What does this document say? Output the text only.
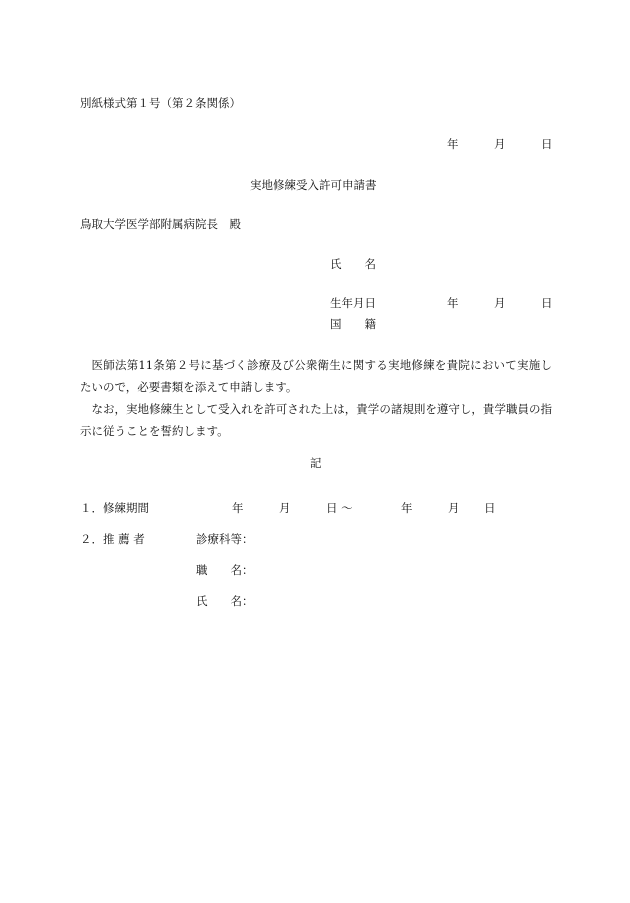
別紙様式第１号（第２条関係）
年	月	日
実地修練受入許可申請書
鳥取大学医学部附属病院長　殿
氏　　名
生年月日	年	月	日
国　　籍
医師法第11条第２号に基づく診療及び公衆衛生に関する実地修練を貴院において実施したいので，必要書類を添えて申請します。
なお，実地修練生として受入れを許可された上は，貴学の諸規則を遵守し，貴学職員の指示に従うことを誓約します。
記
１．修練期間	年	月	日 ～	年	月 日
２．推 薦 者	診療科等：
職　　名：
氏　　名：
